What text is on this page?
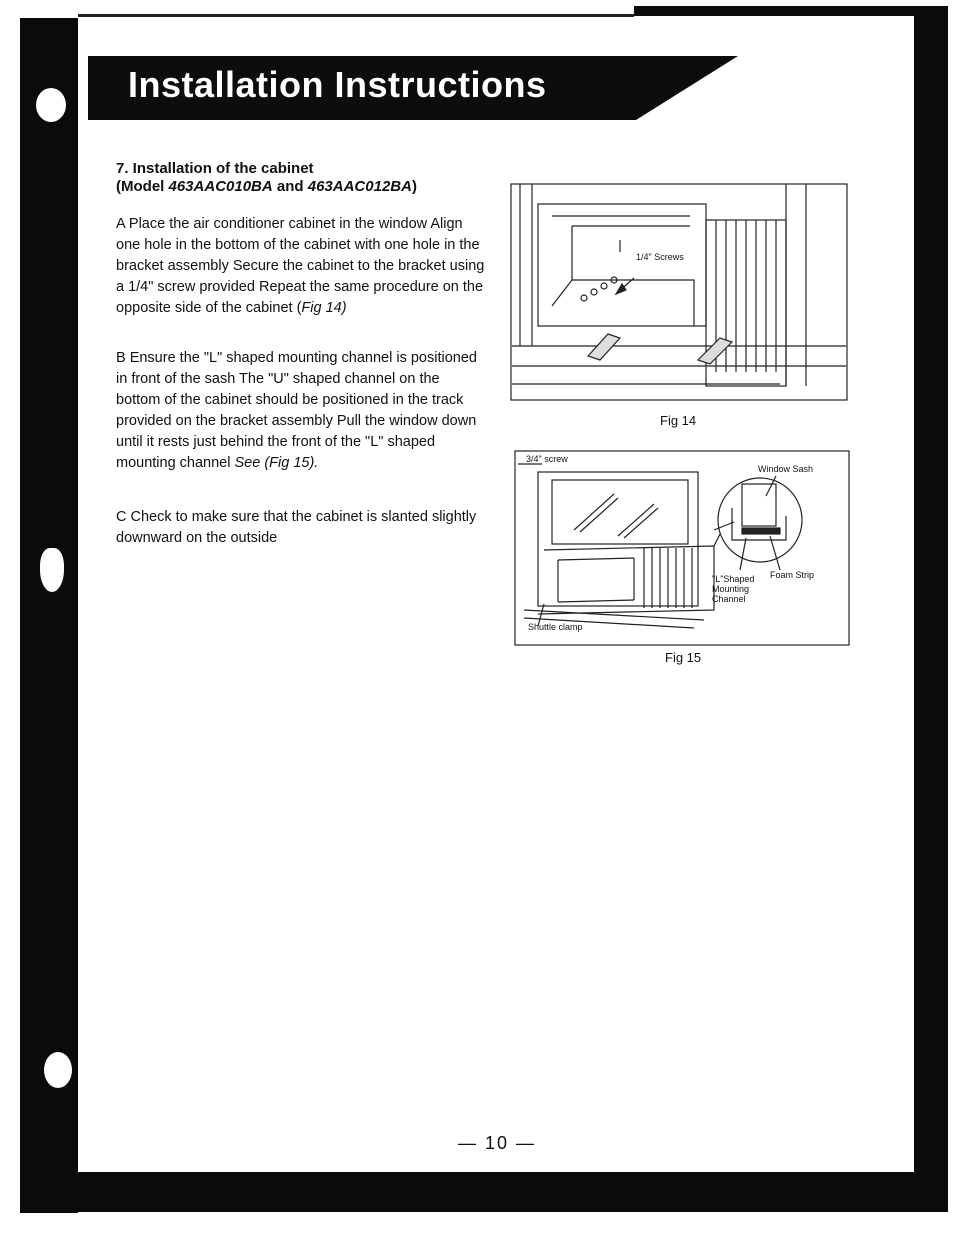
Installation Instructions
7. Installation of the cabinet
(Model 463AAC010BA and 463AAC012BA)

A Place the air conditioner cabinet in the window Align one hole in the bottom of the cabinet with one hole in the bracket assembly Secure the cabinet to the bracket using a 1/4" screw provided Repeat the same procedure on the opposite side of the cabinet (Fig 14)

B Ensure the "L" shaped mounting channel is positioned in front of the sash The "U" shaped channel on the bottom of the cabinet should be positioned in the track provided on the bracket assembly Pull the window down until it rests just behind the front of the "L" shaped mounting channel See (Fig 15).

C Check to make sure that the cabinet is slanted slightly downward on the outside

1/4" Screws
Fig 14
3/4" screw
Window Sash
"L"Shaped
Mounting
Channel
Foam Strip
Shuttle clamp
Fig 15
— 10 —
